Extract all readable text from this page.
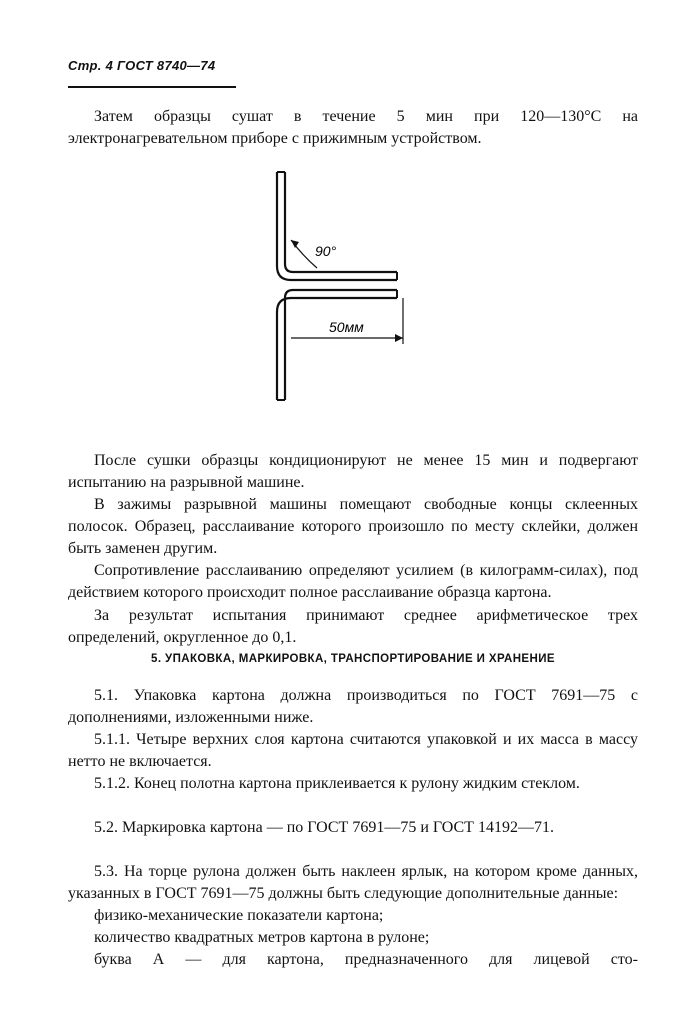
Стр. 4 ГОСТ 8740—74

Затем образцы сушат в течение 5 мин при 120—130°С на электронагревательном приборе с прижимным устройством.

90°
50мм

После сушки образцы кондиционируют не менее 15 мин и подвергают испытанию на разрывной машине.

В зажимы разрывной машины помещают свободные концы склеенных полосок. Образец, расслаивание которого произошло по месту склейки, должен быть заменен другим.

Сопротивление расслаиванию определяют усилием (в килограмм-силах), под действием которого происходит полное расслаивание образца картона.

За результат испытания принимают среднее арифметическое трех определений, округленное до 0,1.

5. УПАКОВКА, МАРКИРОВКА, ТРАНСПОРТИРОВАНИЕ И ХРАНЕНИЕ

5.1. Упаковка картона должна производиться по ГОСТ 7691—75 с дополнениями, изложенными ниже.

5.1.1. Четыре верхних слоя картона считаются упаковкой и их масса в массу нетто не включается.

5.1.2. Конец полотна картона приклеивается к рулону жидким стеклом.

5.2. Маркировка картона — по ГОСТ 7691—75 и ГОСТ 14192—71.

5.3. На торце рулона должен быть наклеен ярлык, на котором кроме данных, указанных в ГОСТ 7691—75 должны быть следующие дополнительные данные:

физико-механические показатели картона;

количество квадратных метров картона в рулоне;

буква А — для картона, предназначенного для лицевой сто-
